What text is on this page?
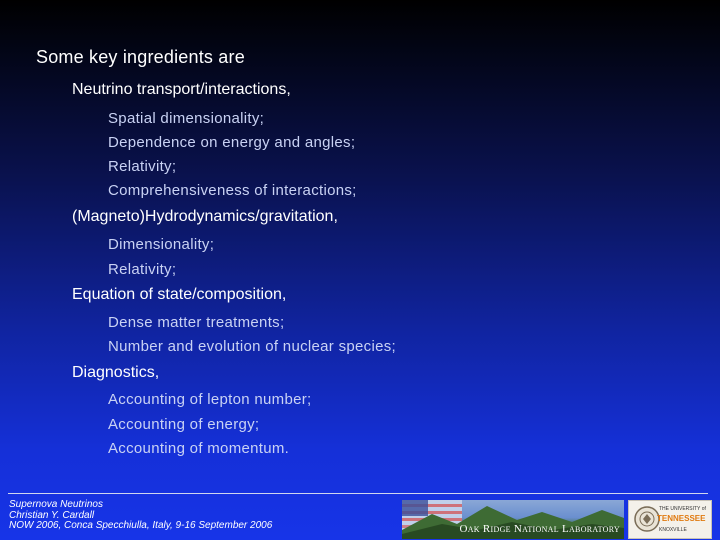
Some key ingredients are
Neutrino transport/interactions,
Spatial dimensionality;
Dependence on energy and angles;
Relativity;
Comprehensiveness of interactions;
(Magneto)Hydrodynamics/gravitation,
Dimensionality;
Relativity;
Equation of state/composition,
Dense matter treatments;
Number and evolution of nuclear species;
Diagnostics,
Accounting of lepton number;
Accounting of energy;
Accounting of momentum.
Supernova Neutrinos
Christian Y. Cardall
NOW 2006, Conca Specchiulla, Italy, 9-16 September 2006	Oak Ridge National Laboratory
THE UNIVERSITY of
TENNESSEE
KNOXVILLE
